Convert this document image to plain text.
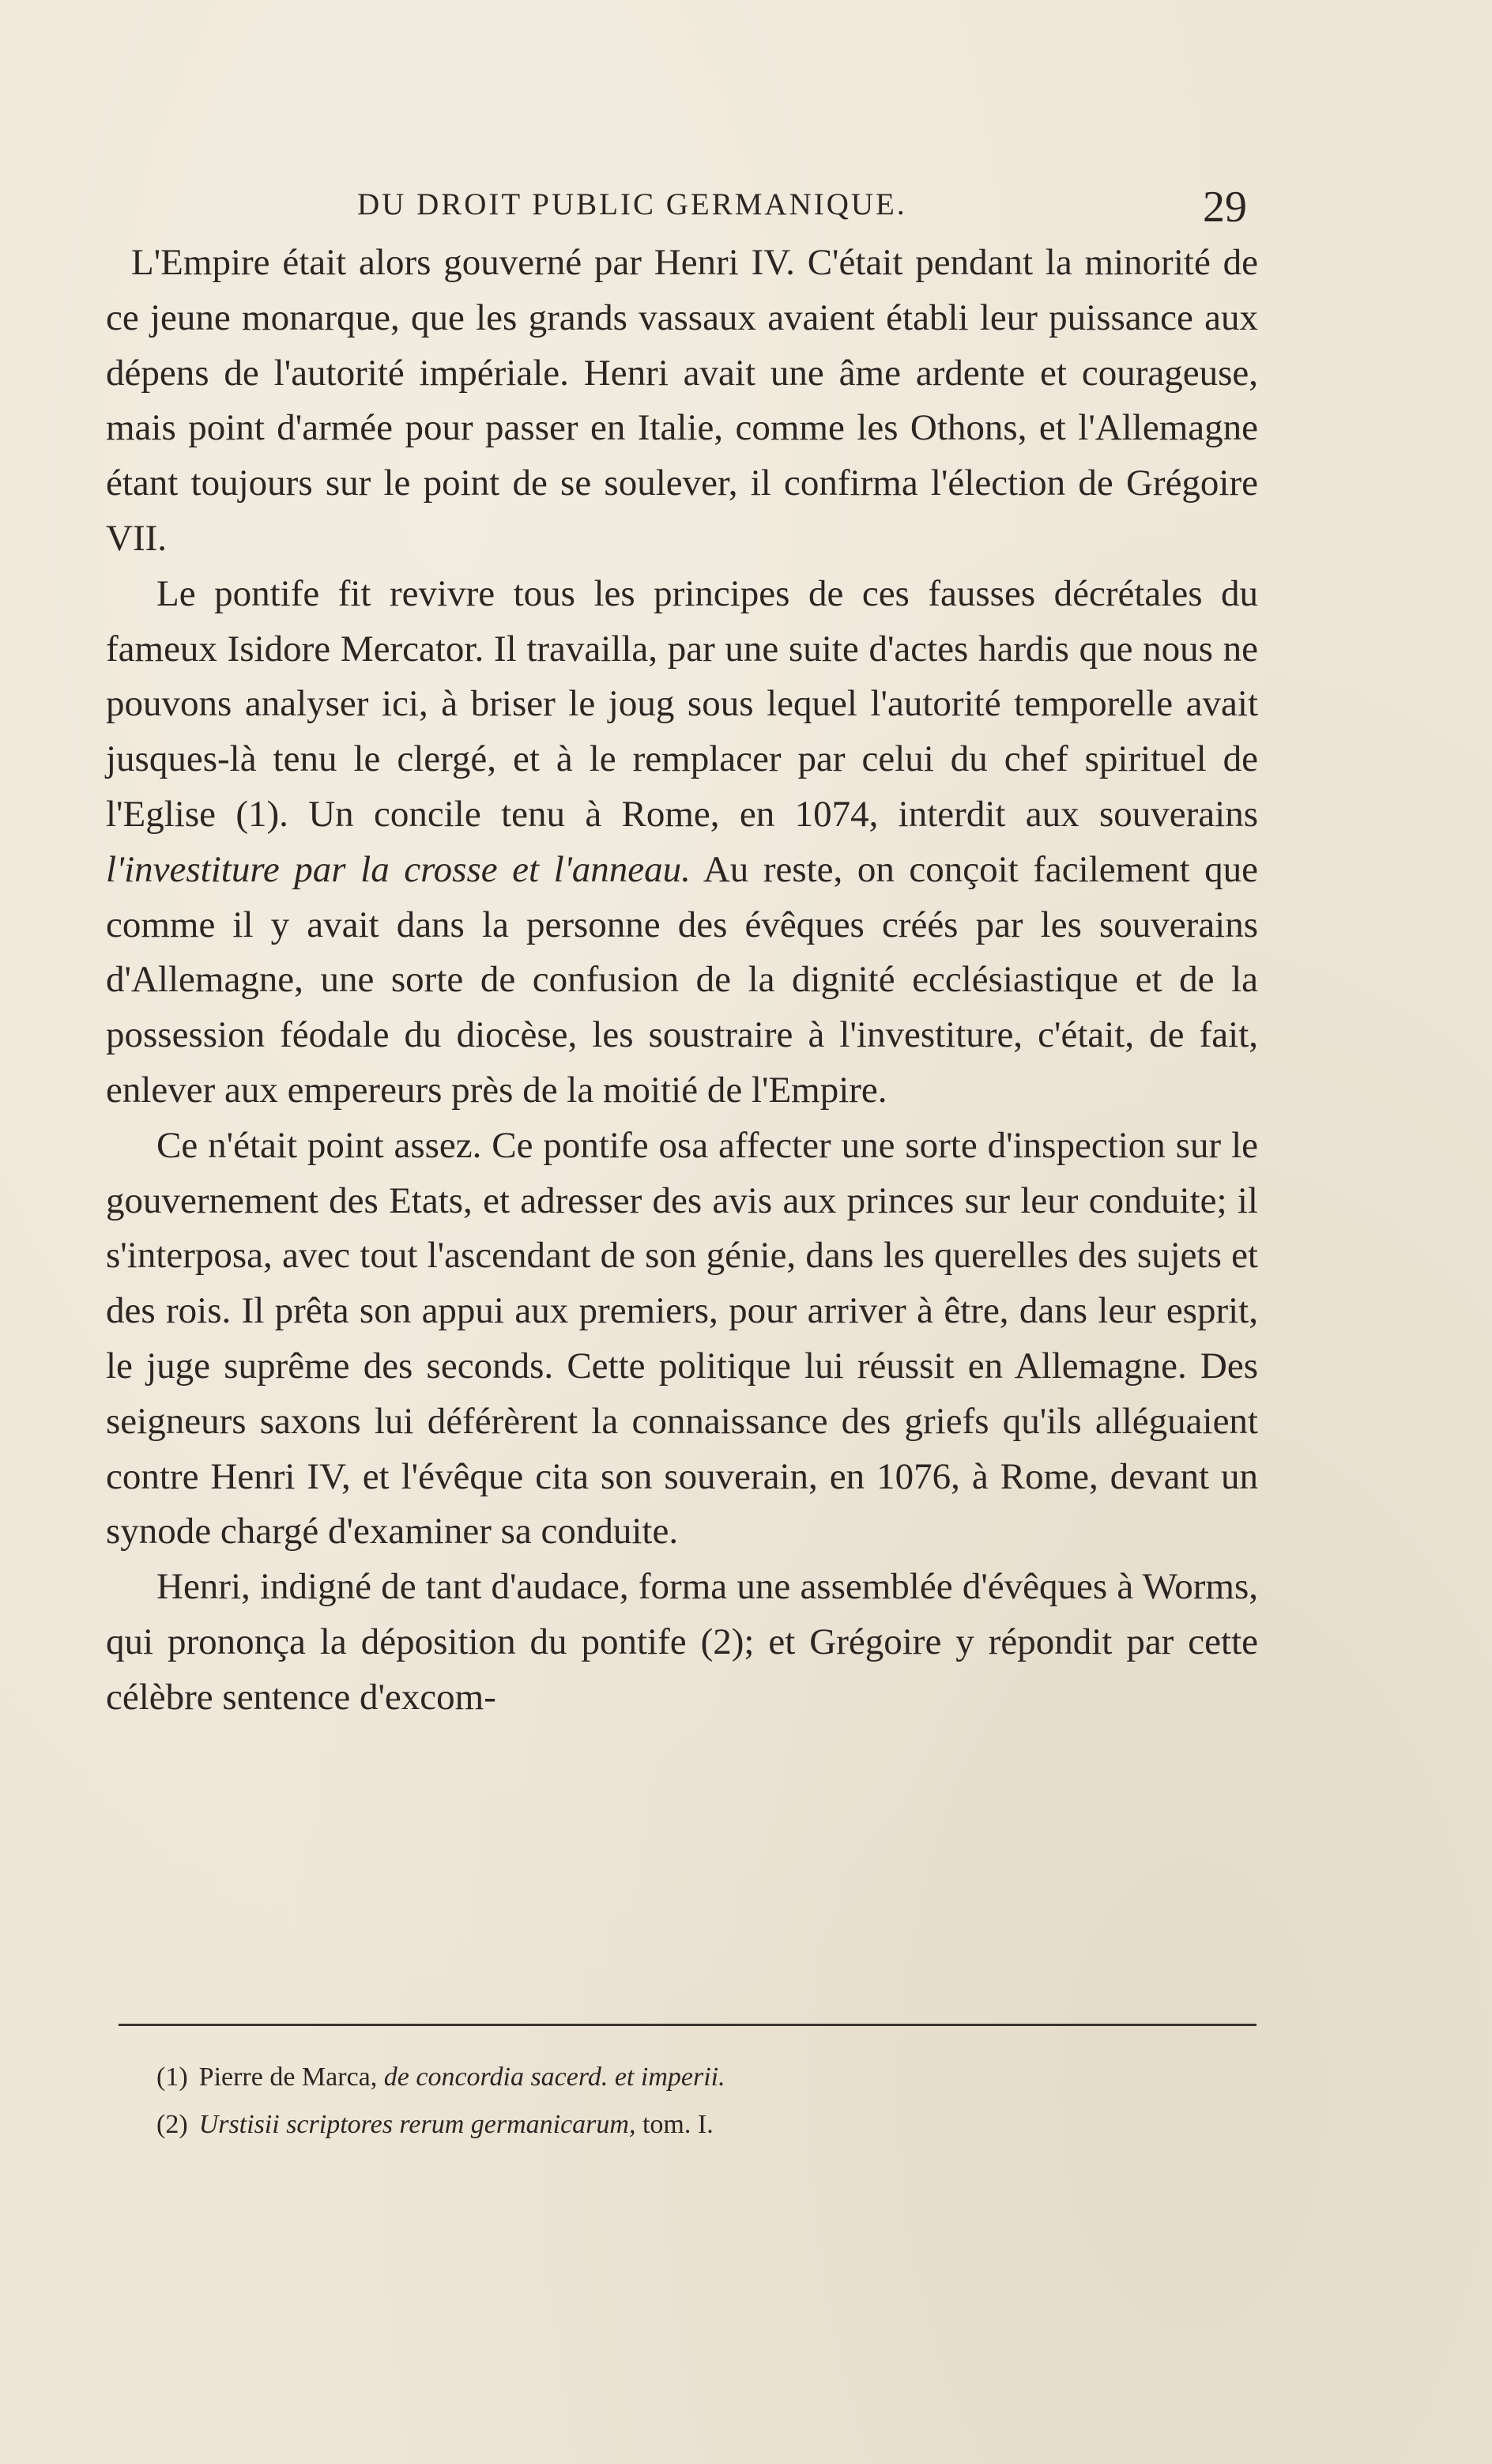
DU DROIT PUBLIC GERMANIQUE.	29

L'Empire était alors gouverné par Henri IV. C'était pendant la minorité de ce jeune monarque, que les grands vassaux avaient établi leur puissance aux dépens de l'autorité impériale. Henri avait une âme ardente et courageuse, mais point d'armée pour passer en Italie, comme les Othons, et l'Allemagne étant toujours sur le point de se soulever, il confirma l'élection de Grégoire VII.

Le pontife fit revivre tous les principes de ces fausses décrétales du fameux Isidore Mercator. Il travailla, par une suite d'actes hardis que nous ne pouvons analyser ici, à briser le joug sous lequel l'autorité temporelle avait jusques-là tenu le clergé, et à le remplacer par celui du chef spirituel de l'Eglise (1). Un concile tenu à Rome, en 1074, interdit aux souverains l'investiture par la crosse et l'anneau. Au reste, on conçoit facilement que comme il y avait dans la personne des évêques créés par les souverains d'Allemagne, une sorte de confusion de la dignité ecclésiastique et de la possession féodale du diocèse, les soustraire à l'investiture, c'était, de fait, enlever aux empereurs près de la moitié de l'Empire.

Ce n'était point assez. Ce pontife osa affecter une sorte d'inspection sur le gouvernement des Etats, et adresser des avis aux princes sur leur conduite; il s'interposa, avec tout l'ascendant de son génie, dans les querelles des sujets et des rois. Il prêta son appui aux premiers, pour arriver à être, dans leur esprit, le juge suprême des seconds. Cette politique lui réussit en Allemagne. Des seigneurs saxons lui déférèrent la connaissance des griefs qu'ils alléguaient contre Henri IV, et l'évêque cita son souverain, en 1076, à Rome, devant un synode chargé d'examiner sa conduite.

Henri, indigné de tant d'audace, forma une assemblée d'évêques à Worms, qui prononça la déposition du pontife (2); et Grégoire y répondit par cette célèbre sentence d'excom-

(1) Pierre de Marca, de concordia sacerd. et imperii.
(2) Urstisii scriptores rerum germanicarum, tom. I.
